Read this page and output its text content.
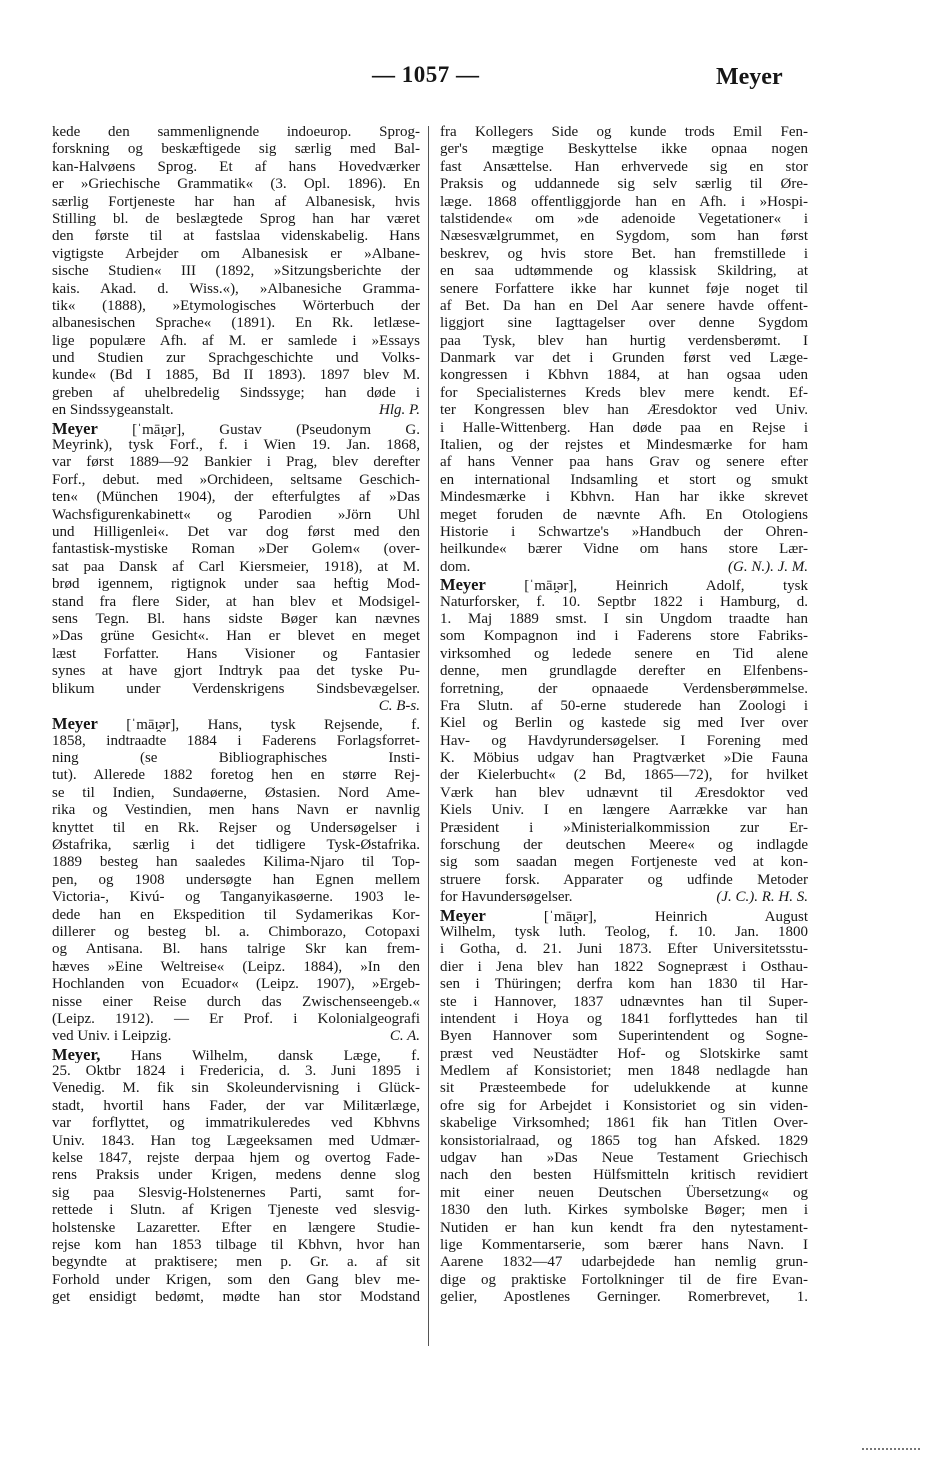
— 1057 —	Meyer
kede den sammenlignende indoeurop. Sprog-
forskning og beskæftigede sig særlig med Bal-
kan-Halvøens Sprog. Et af hans Hovedværker
er »Griechische Grammatik« (3. Opl. 1896). En
særlig Fortjeneste har han af Albanesisk, hvis
Stilling bl. de beslægtede Sprog han har været
den første til at fastslaa videnskabelig. Hans
vigtigste Arbejder om Albanesisk er »Albane-
sische Studien« III (1892, »Sitzungsberichte der
kais. Akad. d. Wiss.«), »Albanesiche Gramma-
tik« (1888), »Etymologisches Wörterbuch der
albanesischen Sprache« (1891). En Rk. letlæse-
lige populære Afh. af M. er samlede i »Essays
und Studien zur Sprachgeschichte und Volks-
kunde« (Bd I 1885, Bd II 1893). 1897 blev M.
greben af uhelbredelig Sindssyge; han døde i
en Sindssygeanstalt.	Hlg. P.
Meyer [ˈmāɪ̯ər], Gustav (Pseudonym G.
Meyrink), tysk Forf., f. i Wien 19. Jan. 1868,
var først 1889—92 Bankier i Prag, blev derefter
Forf., debut. med »Orchideen, seltsame Geschich-
ten« (München 1904), der efterfulgtes af »Das
Wachsfigurenkabinett« og Parodien »Jörn Uhl
und Hilligenlei«. Det var dog først med den
fantastisk-mystiske Roman »Der Golem« (over-
sat paa Dansk af Carl Kiersmeier, 1918), at M.
brød igennem, rigtignok under saa heftig Mod-
stand fra flere Sider, at han blev et Modsigel-
sens Tegn. Bl. hans sidste Bøger kan nævnes
»Das grüne Gesicht«. Han er blevet en meget
læst Forfatter. Hans Visioner og Fantasier
synes at have gjort Indtryk paa det tyske Pu-
blikum under Verdenskrigens Sindsbevægelser.
C. B-s.
Meyer [ˈmāɪ̯ər], Hans, tysk Rejsende, f.
1858, indtraadte 1884 i Faderens Forlagsforret-
ning (se Bibliographisches Insti-
tut). Allerede 1882 foretog hen en større Rej-
se til Indien, Sundaøerne, Østasien. Nord Ame-
rika og Vestindien, men hans Navn er navnlig
knyttet til en Rk. Rejser og Undersøgelser i
Østafrika, særlig i det tidligere Tysk-Østafrika.
1889 besteg han saaledes Kilima-Njaro til Top-
pen, og 1908 undersøgte han Egnen mellem
Victoria-, Kivú- og Tanganyikasøerne. 1903 le-
dede han en Ekspedition til Sydamerikas Kor-
dillerer og besteg bl. a. Chimborazo, Cotopaxi
og Antisana. Bl. hans talrige Skr kan frem-
hæves »Eine Weltreise« (Leipz. 1884), »In den
Hochlanden von Ecuador« (Leipz. 1907), »Ergeb-
nisse einer Reise durch das Zwischenseengeb.«
(Leipz. 1912). — Er Prof. i Kolonialgeografi
ved Univ. i Leipzig.	C. A.
Meyer, Hans Wilhelm, dansk Læge, f.
25. Oktbr 1824 i Fredericia, d. 3. Juni 1895 i
Venedig. M. fik sin Skoleundervisning i Glück-
stadt, hvortil hans Fader, der var Militærlæge,
var forflyttet, og immatrikuleredes ved Kbhvns
Univ. 1843. Han tog Lægeeksamen med Udmær-
kelse 1847, rejste derpaa hjem og overtog Fade-
rens Praksis under Krigen, medens denne slog
sig paa Slesvig-Holstenernes Parti, samt for-
rettede i Slutn. af Krigen Tjeneste ved slesvig-
holstenske Lazaretter. Efter en længere Studie-
rejse kom han 1853 tilbage til Kbhvn, hvor han
begyndte at praktisere; men p. Gr. a. af sit
Forhold under Krigen, som den Gang blev me-
get ensidigt bedømt, mødte han stor Modstand
fra Kollegers Side og kunde trods Emil Fen-
ger's mægtige Beskyttelse ikke opnaa nogen
fast Ansættelse. Han erhvervede sig en stor
Praksis og uddannede sig selv særlig til Øre-
læge. 1868 offentliggjorde han en Afh. i »Hospi-
talstidende« om »de adenoide Vegetationer« i
Næsesvælgrummet, en Sygdom, som han først
beskrev, og hvis store Bet. han fremstillede i
en saa udtømmende og klassisk Skildring, at
senere Forfattere ikke har kunnet føje noget til
af Bet. Da han en Del Aar senere havde offent-
liggjort sine Iagttagelser over denne Sygdom
paa Tysk, blev han hurtig verdensberømt. I
Danmark var det i Grunden først ved Læge-
kongressen i Kbhvn 1884, at han ogsaa uden
for Specialisternes Kreds blev mere kendt. Ef-
ter Kongressen blev han Æresdoktor ved Univ.
i Halle-Wittenberg. Han døde paa en Rejse i
Italien, og der rejstes et Mindesmærke for ham
af hans Venner paa hans Grav og senere efter
en international Indsamling et stort og smukt
Mindesmærke i Kbhvn. Han har ikke skrevet
meget foruden de nævnte Afh. En Otologiens
Historie i Schwartze's »Handbuch der Ohren-
heilkunde« bærer Vidne om hans store Lær-
dom.	(G. N.). J. M.
Meyer [ˈmāɪ̯ər], Heinrich Adolf, tysk
Naturforsker, f. 10. Septbr 1822 i Hamburg, d.
1. Maj 1889 smst. I sin Ungdom traadte han
som Kompagnon ind i Faderens store Fabriks-
virksomhed og ledede senere en Tid alene
denne, men grundlagde derefter en Elfenbens-
forretning, der opnaaede Verdensberømmelse.
Fra Slutn. af 50-erne studerede han Zoologi i
Kiel og Berlin og kastede sig med Iver over
Hav- og Havdyrundersøgelser. I Forening med
K. Möbius udgav han Pragtværket »Die Fauna
der Kielerbucht« (2 Bd, 1865—72), for hvilket
Værk han blev udnævnt til Æresdoktor ved
Kiels Univ. I en længere Aarrække var han
Præsident i »Ministerialkommission zur Er-
forschung der deutschen Meere« og indlagde
sig som saadan megen Fortjeneste ved at kon-
struere forsk. Apparater og udfinde Metoder
for Havundersøgelser.	(J. C.). R. H. S.
Meyer [ˈmāɪ̯ər], Heinrich August
Wilhelm, tysk luth. Teolog, f. 10. Jan. 1800
i Gotha, d. 21. Juni 1873. Efter Universitetsstu-
dier i Jena blev han 1822 Sognepræst i Osthau-
sen i Thüringen; derfra kom han 1830 til Har-
ste i Hannover, 1837 udnævntes han til Super-
intendent i Hoya og 1841 forflyttedes han til
Byen Hannover som Superintendent og Sogne-
præst ved Neustädter Hof- og Slotskirke samt
Medlem af Konsistoriet; men 1848 nedlagde han
sit Præsteembede for udelukkende at kunne
ofre sig for Arbejdet i Konsistoriet og sin viden-
skabelige Virksomhed; 1861 fik han Titlen Over-
konsistorialraad, og 1865 tog han Afsked. 1829
udgav han »Das Neue Testament Griechisch
nach den besten Hülfsmitteln kritisch revidiert
mit einer neuen Deutschen Übersetzung« og
1830 den luth. Kirkes symbolske Bøger; men i
Nutiden er han kun kendt fra den nytestament-
lige Kommentarserie, som bærer hans Navn. I
Aarene 1832—47 udarbejdede han nemlig grun-
dige og praktiske Fortolkninger til de fire Evan-
gelier, Apostlenes Gerninger. Romerbrevet, 1.
